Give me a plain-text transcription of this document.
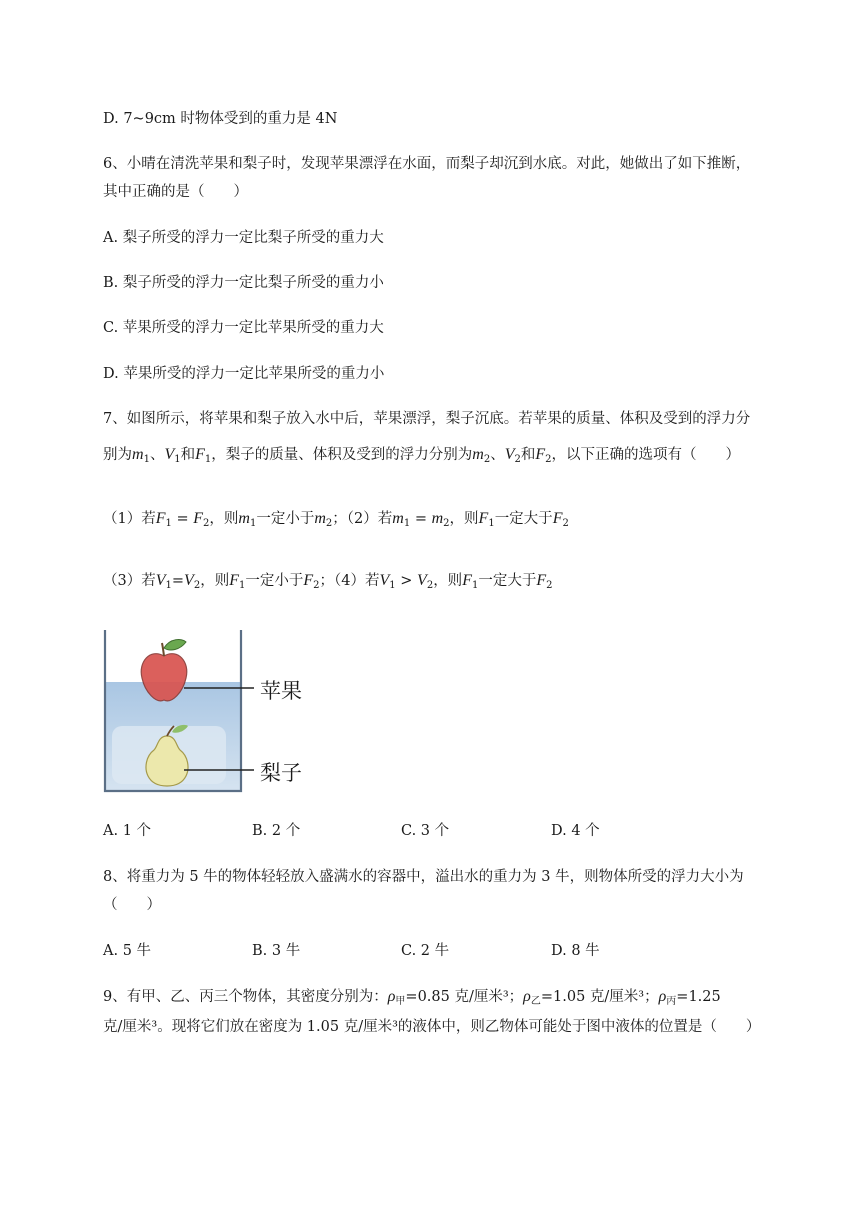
D. 7~9cm 时物体受到的重力是 4N
6、小晴在清洗苹果和梨子时，发现苹果漂浮在水面，而梨子却沉到水底。对此，她做出了如下推断，
其中正确的是（　　）
A. 梨子所受的浮力一定比梨子所受的重力大
B. 梨子所受的浮力一定比梨子所受的重力小
C. 苹果所受的浮力一定比苹果所受的重力大
D. 苹果所受的浮力一定比苹果所受的重力小
7、如图所示，将苹果和梨子放入水中后，苹果漂浮，梨子沉底。若苹果的质量、体积及受到的浮力分
别为$m_1$、$V_1$和$F_1$，梨子的质量、体积及受到的浮力分别为$m_2$、$V_2$和$F_2$，以下正确的选项有（　　）
（1）若$F_1 = F_2$，则$m_1$一定小于$m_2$；（2）若$m_1 = m_2$，则$F_1$一定大于$F_2$
（3）若$V_1=V_2$，则$F_1$一定小于$F_2$；（4）若$V_1 > V_2$，则$F_1$一定大于$F_2$
苹果
梨子
A. 1 个	B. 2 个	C. 3 个	D. 4 个
8、将重力为 5 牛的物体轻轻放入盛满水的容器中，溢出水的重力为 3 牛，则物体所受的浮力大小为
（　　）
A. 5 牛	B. 3 牛	C. 2 牛	D. 8 牛
9、有甲、乙、丙三个物体，其密度分别为：$\rho_甲=0.85$ 克/厘米³；$\rho_乙=1.05$ 克/厘米³；$\rho_丙=1.25$
克/厘米³。现将它们放在密度为 1.05 克/厘米³的液体中，则乙物体可能处于图中液体的位置是（　　）
